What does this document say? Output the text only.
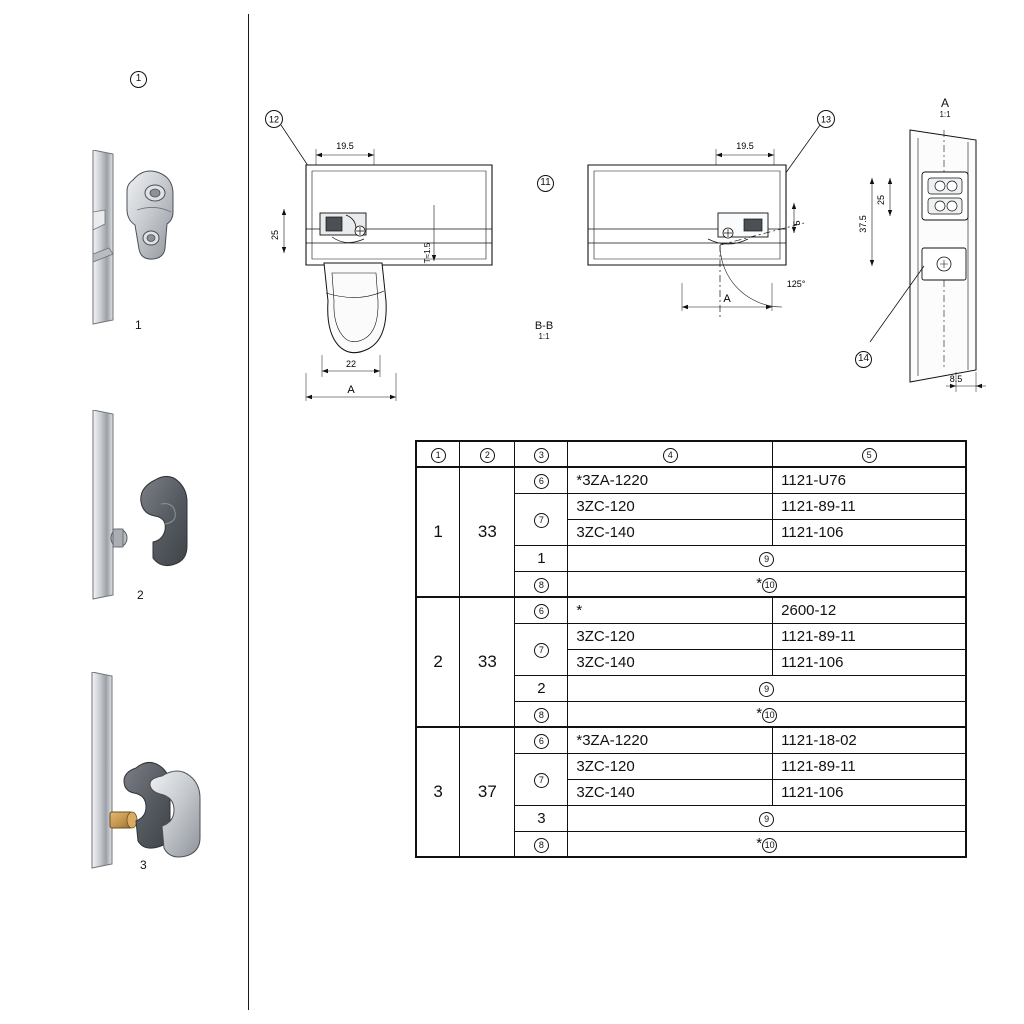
1
1
2
3
12
19.5
25
T≈1.5
22
A
11
13
19.5
5
125°
A
B-B
1:1
A
1:1
25
37.5
8.5
14
1	2	3	4	5
1	33	6	*3ZA-1220	1121-U76
		7	3ZC-120	1121-89-11
			3ZC-140	1121-106
		1	9	
		8	* 10	
2	33	6	*	2600-12
		7	3ZC-120	1121-89-11
			3ZC-140	1121-106
		2	9	
		8	* 10	
3	37	6	*3ZA-1220	1121-18-02
		7	3ZC-120	1121-89-11
			3ZC-140	1121-106
		3	9	
		8	* 10	
